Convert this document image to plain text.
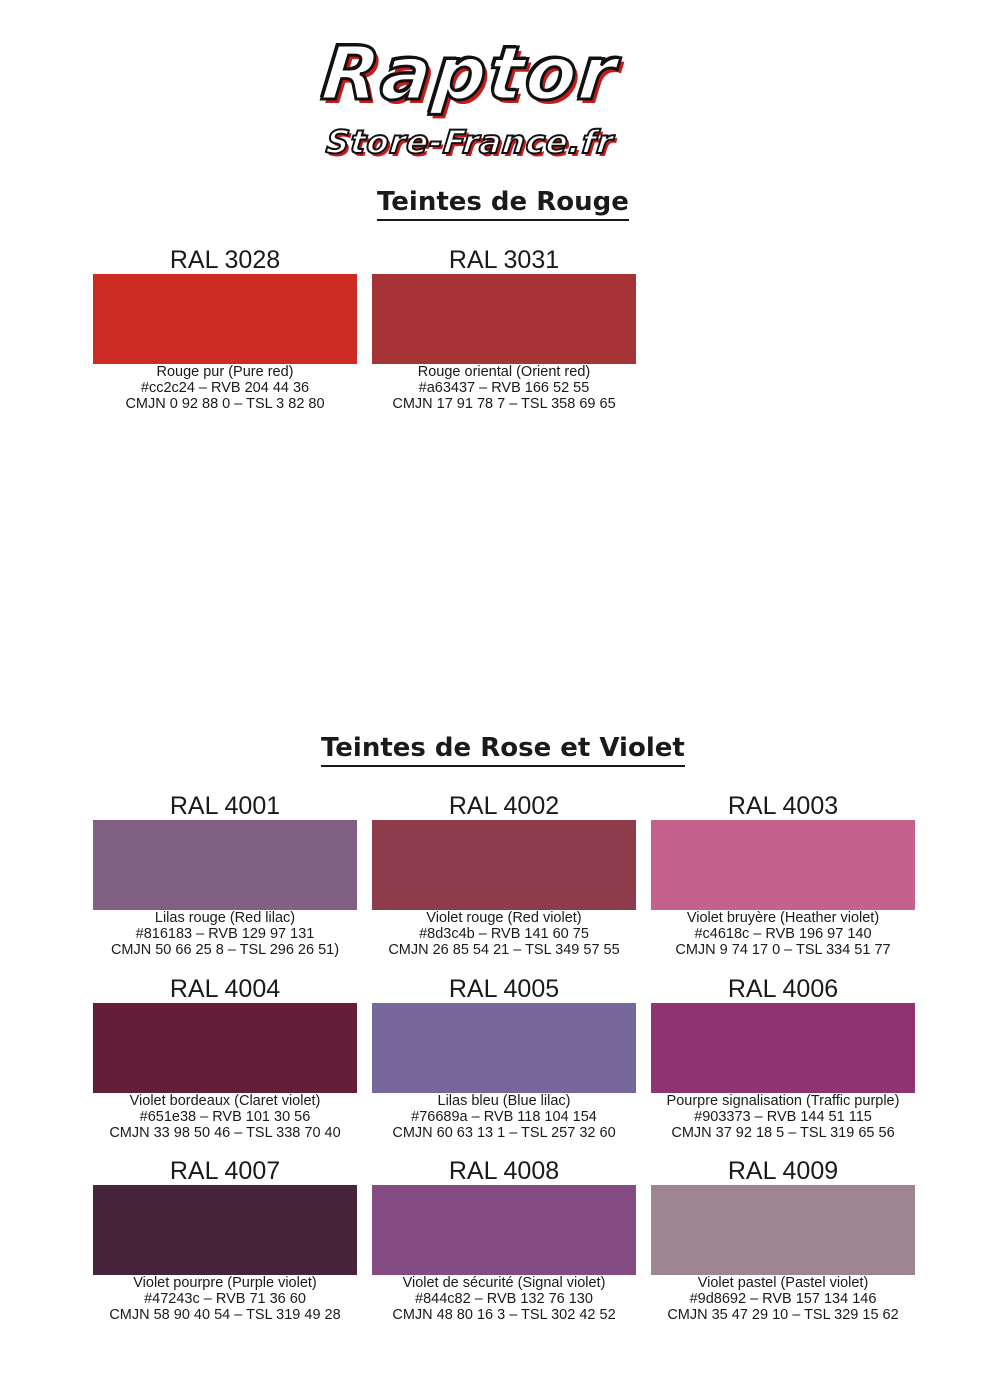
Raptor
Store-France.fr
Teintes de Rouge
RAL 3028
Rouge pur (Pure red)
#cc2c24 – RVB 204 44 36
CMJN 0 92 88 0 – TSL 3 82 80
RAL 3031
Rouge oriental (Orient red)
#a63437 – RVB 166 52 55
CMJN 17 91 78 7 – TSL 358 69 65
Teintes de Rose et Violet
RAL 4001
Lilas rouge (Red lilac)
#816183 – RVB 129 97 131
CMJN 50 66 25 8 – TSL 296 26 51)
RAL 4002
Violet rouge (Red violet)
#8d3c4b – RVB 141 60 75
CMJN 26 85 54 21 – TSL 349 57 55
RAL 4003
Violet bruyère (Heather violet)
#c4618c – RVB 196 97 140
CMJN 9 74 17 0 – TSL 334 51 77
RAL 4004
Violet bordeaux (Claret violet)
#651e38 – RVB 101 30 56
CMJN 33 98 50 46 – TSL 338 70 40
RAL 4005
Lilas bleu (Blue lilac)
#76689a – RVB 118 104 154
CMJN 60 63 13 1 – TSL 257 32 60
RAL 4006
Pourpre signalisation (Traffic purple)
#903373 – RVB 144 51 115
CMJN 37 92 18 5 – TSL 319 65 56
RAL 4007
Violet pourpre (Purple violet)
#47243c – RVB 71 36 60
CMJN 58 90 40 54 – TSL 319 49 28
RAL 4008
Violet de sécurité (Signal violet)
#844c82 – RVB 132 76 130
CMJN 48 80 16 3 – TSL 302 42 52
RAL 4009
Violet pastel (Pastel violet)
#9d8692 – RVB 157 134 146
CMJN 35 47 29 10 – TSL 329 15 62
